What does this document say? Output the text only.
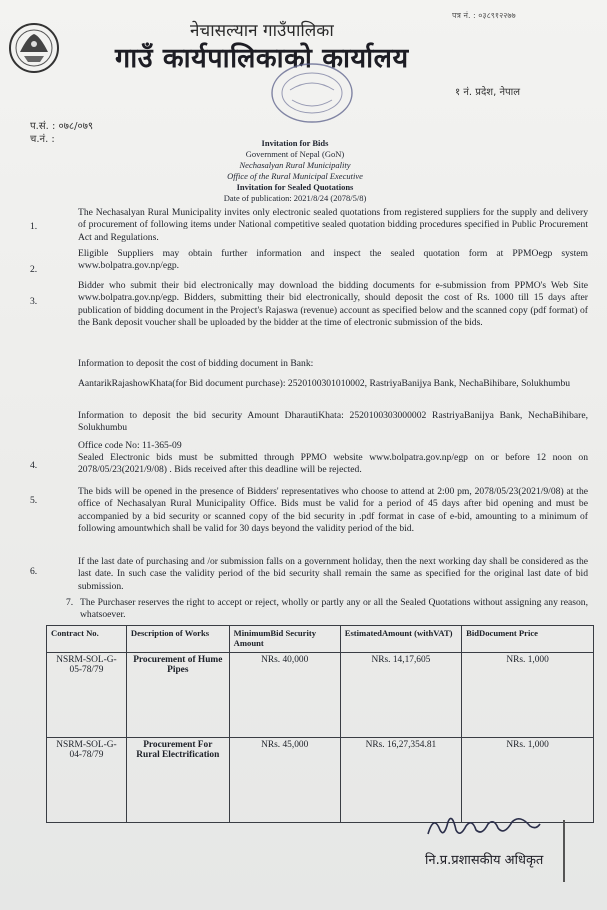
पत्र नं. : ०३८९१२२७७
नेचासल्यान गाउँपालिका
गाउँ कार्यपालिकाको कार्यालय
१ नं. प्रदेश, नेपाल
प.सं. : ०७८/०७९
च.नं. :	Invitation for Bids
Government of Nepal (GoN)
Nechasalyan Rural Municipality
Office of the Rural Municipal Executive
Invitation for Sealed Quotations
Date of publication: 2021/8/24 (2078/5/8)
1.
The Nechasalyan Rural Municipality invites only electronic sealed quotations from registered suppliers for the supply and delivery of procurement of following items under National competitive sealed quotation bidding procedures specified in Public Procurement Act and Regulations.
2.
Eligible Suppliers may obtain further information and inspect the sealed quotation form at PPMOegp system www.bolpatra.gov.np/egp.
3.
Bidder who submit their bid electronically may download the bidding documents for e-submission from PPMO's Web Site www.bolpatra.gov.np/egp. Bidders, submitting their bid electronically, should deposit the cost of Rs. 1000 till 15 days after publication of bidding document in the Project's Rajaswa (revenue) account as specified below and the scanned copy (pdf format) of the Bank deposit voucher shall be uploaded by the bidder at the time of electronic submission of the bids.
Information to deposit the cost of bidding document in Bank:
AantarikRajashowKhata(for Bid document purchase): 2520100301010002, RastriyaBanijya Bank, NechaBihibare, Solukhumbu
Information to deposit the bid security Amount DharautiKhata: 2520100303000002 RastriyaBanijya Bank, NechaBihibare, Solukhumbu
Office code No: 11-365-09
4.
Sealed Electronic bids must be submitted through PPMO website www.bolpatra.gov.np/egp on or before 12 noon on 2078/05/23(2021/9/08) . Bids received after this deadline will be rejected.
5.
The bids will be opened in the presence of Bidders' representatives who choose to attend at 2:00 pm, 2078/05/23(2021/9/08) at the office of Nechasalyan Rural Municipality Office. Bids must be valid for a period of 45 days after bid opening and must be accompanied by a bid security or scanned copy of the bid security in .pdf format in case of e-bid, amounting to a minimum of following amountwhich shall be valid for 30 days beyond the validity period of the bid.
6.
If the last date of purchasing and /or submission falls on a government holiday, then the next working day shall be considered as the last date. In such case the validity period of the bid security shall remain the same as specified for the original last date of bid submission.
7. The Purchaser reserves the right to accept or reject, wholly or partly any or all the Sealed Quotations without assigning any reason, whatsoever.
Contract No.	Description of Works	MinimumBid Security Amount	EstimatedAmount (withVAT)	BidDocument Price
NSRM-SOL-G-05-78/79	Procurement of Hume Pipes	NRs. 40,000	NRs. 14,17,605	NRs. 1,000
NSRM-SOL-G-04-78/79	Procurement For Rural Electrification	NRs. 45,000	NRs. 16,27,354.81	NRs. 1,000
नि.प्र.प्रशासकीय अधिकृत
